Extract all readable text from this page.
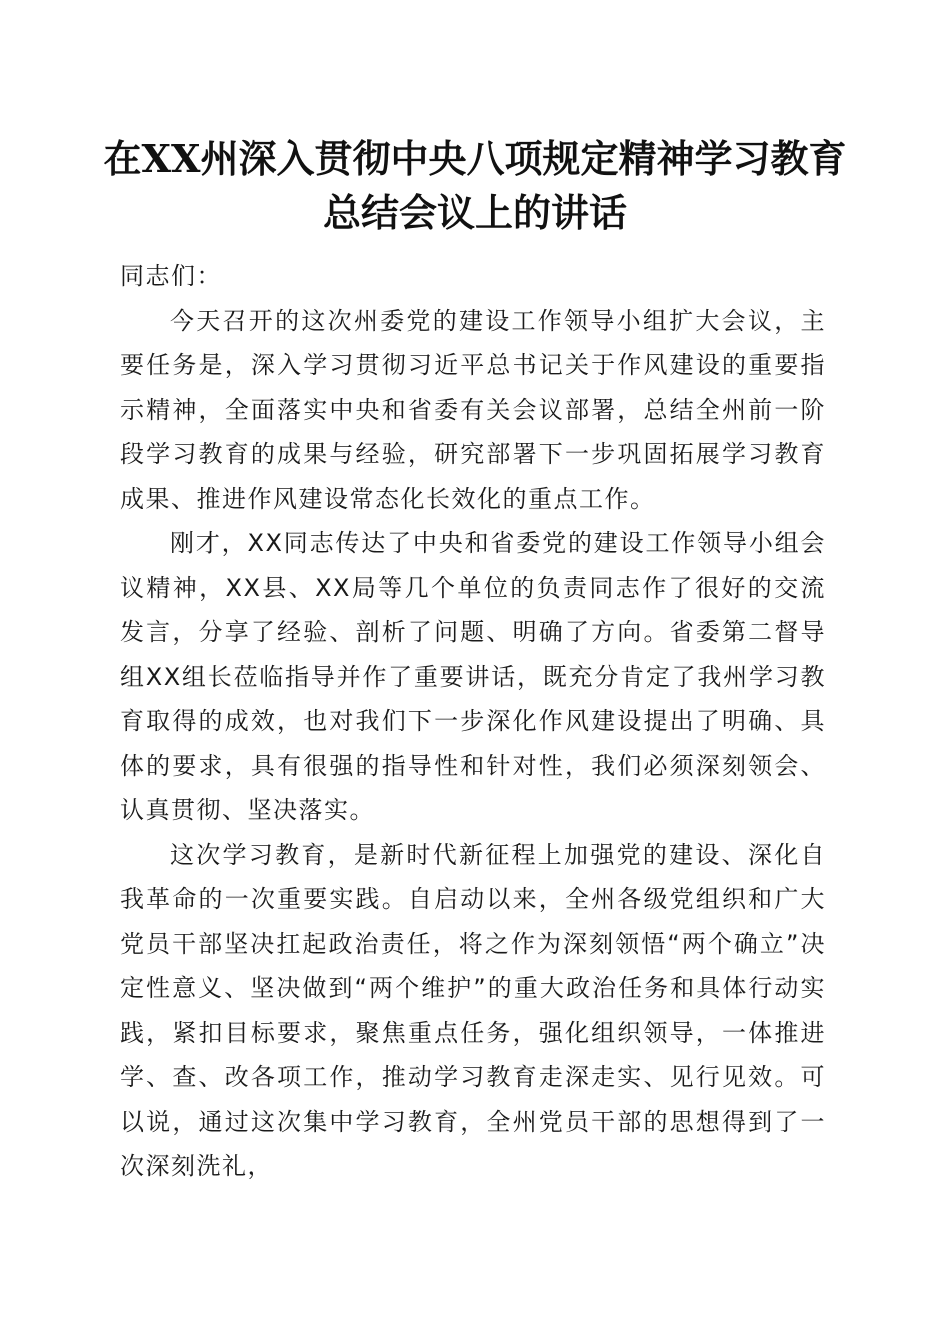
在XX州深入贯彻中央八项规定精神学习教育
总结会议上的讲话

同志们：

今天召开的这次州委党的建设工作领导小组扩大会议，主要任务是，深入学习贯彻习近平总书记关于作风建设的重要指示精神，全面落实中央和省委有关会议部署，总结全州前一阶段学习教育的成果与经验，研究部署下一步巩固拓展学习教育成果、推进作风建设常态化长效化的重点工作。

刚才，XX同志传达了中央和省委党的建设工作领导小组会议精神，XX县、XX局等几个单位的负责同志作了很好的交流发言，分享了经验、剖析了问题、明确了方向。省委第二督导组XX组长莅临指导并作了重要讲话，既充分肯定了我州学习教育取得的成效，也对我们下一步深化作风建设提出了明确、具体的要求，具有很强的指导性和针对性，我们必须深刻领会、认真贯彻、坚决落实。

这次学习教育，是新时代新征程上加强党的建设、深化自我革命的一次重要实践。自启动以来，全州各级党组织和广大党员干部坚决扛起政治责任，将之作为深刻领悟“两个确立”决定性意义、坚决做到“两个维护”的重大政治任务和具体行动实践，紧扣目标要求，聚焦重点任务，强化组织领导，一体推进学、查、改各项工作，推动学习教育走深走实、见行见效。可以说，通过这次集中学习教育，全州党员干部的思想得到了一次深刻洗礼，
